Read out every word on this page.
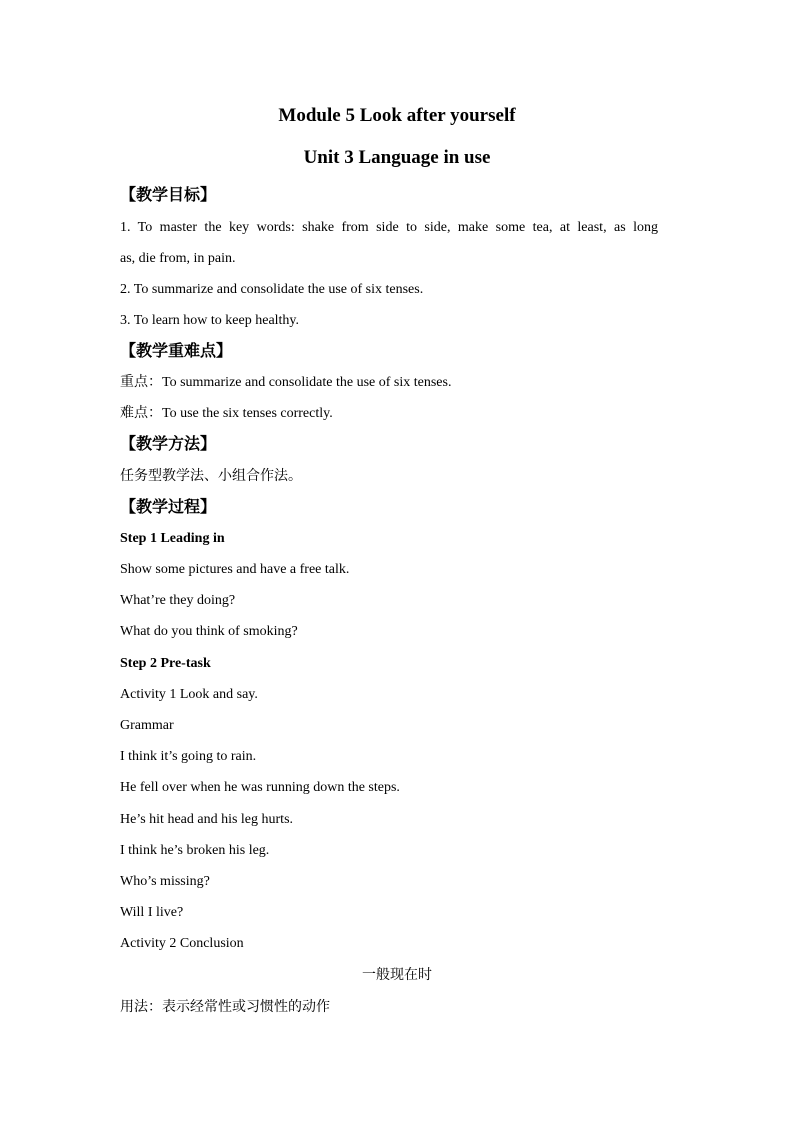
Module 5 Look after yourself
Unit 3 Language in use
【教学目标】
1. To master the key words: shake from side to side, make some tea, at least, as long
as, die from, in pain.
2. To summarize and consolidate the use of six tenses.
3. To learn how to keep healthy.
【教学重难点】
重点：To summarize and consolidate the use of six tenses.
难点：To use the six tenses correctly.
【教学方法】
任务型教学法、小组合作法。
【教学过程】
Step 1 Leading in
Show some pictures and have a free talk.
What’re they doing?
What do you think of smoking?
Step 2 Pre-task
Activity 1 Look and say.
Grammar
I think it’s going to rain.
He fell over when he was running down the steps.
He’s hit head and his leg hurts.
I think he’s broken his leg.
Who’s missing?
Will I live?
Activity 2 Conclusion
一般现在时
用法：表示经常性或习惯性的动作
